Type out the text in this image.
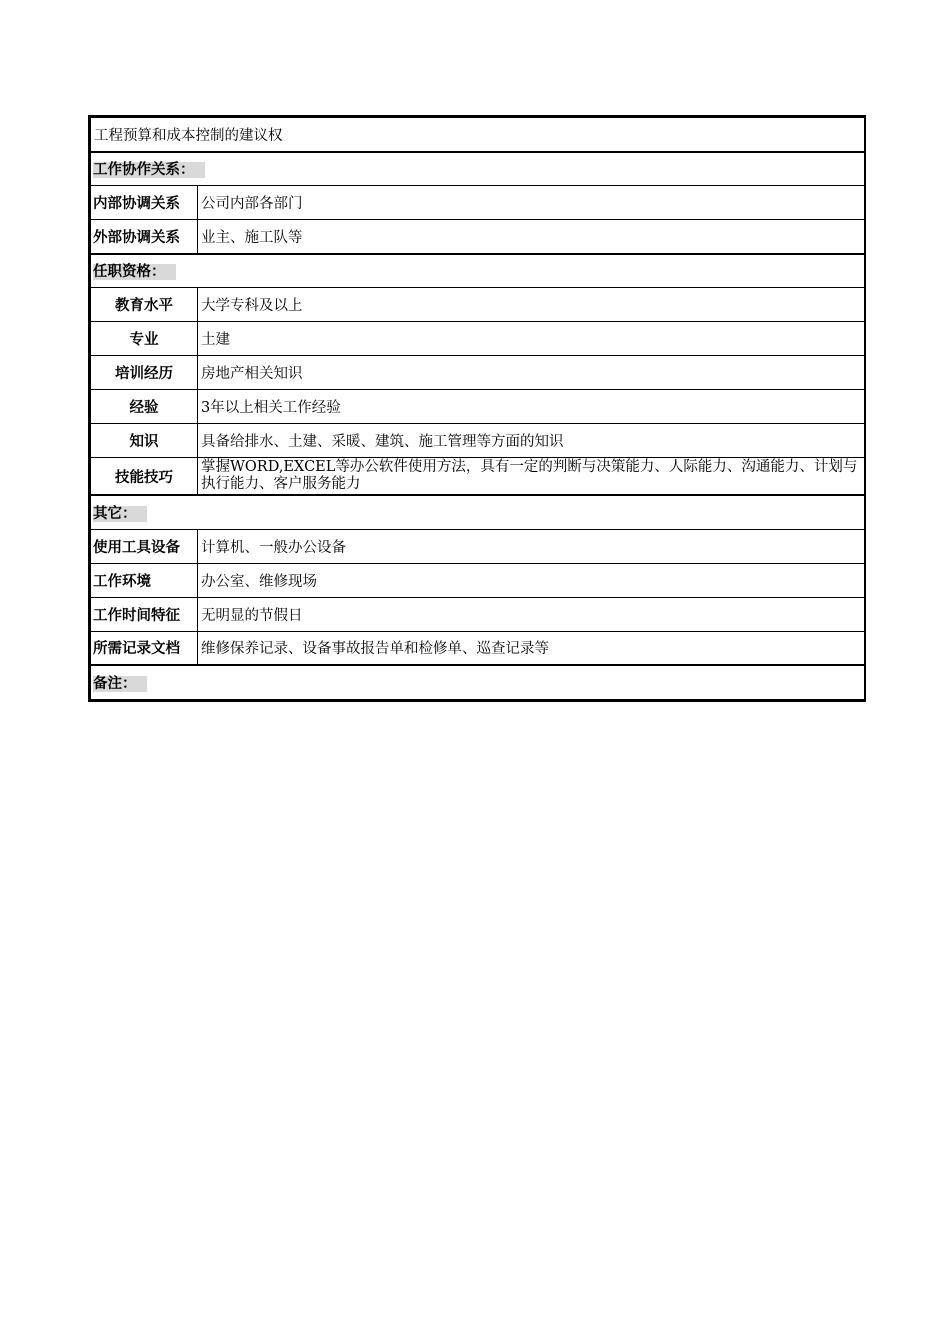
工程预算和成本控制的建议权	
工作协作关系：	
内部协调关系	公司内部各部门
外部协调关系	业主、施工队等
任职资格：	
教育水平	大学专科及以上
专业	土建
培训经历	房地产相关知识
经验	3年以上相关工作经验
知识	具备给排水、土建、采暖、建筑、施工管理等方面的知识
技能技巧	掌握WORD,EXCEL等办公软件使用方法，具有一定的判断与决策能力、人际能力、沟通能力、计划与执行能力、客户服务能力
其它：	
使用工具设备	计算机、一般办公设备
工作环境	办公室、维修现场
工作时间特征	无明显的节假日
所需记录文档	维修保养记录、设备事故报告单和检修单、巡查记录等
备注：	
